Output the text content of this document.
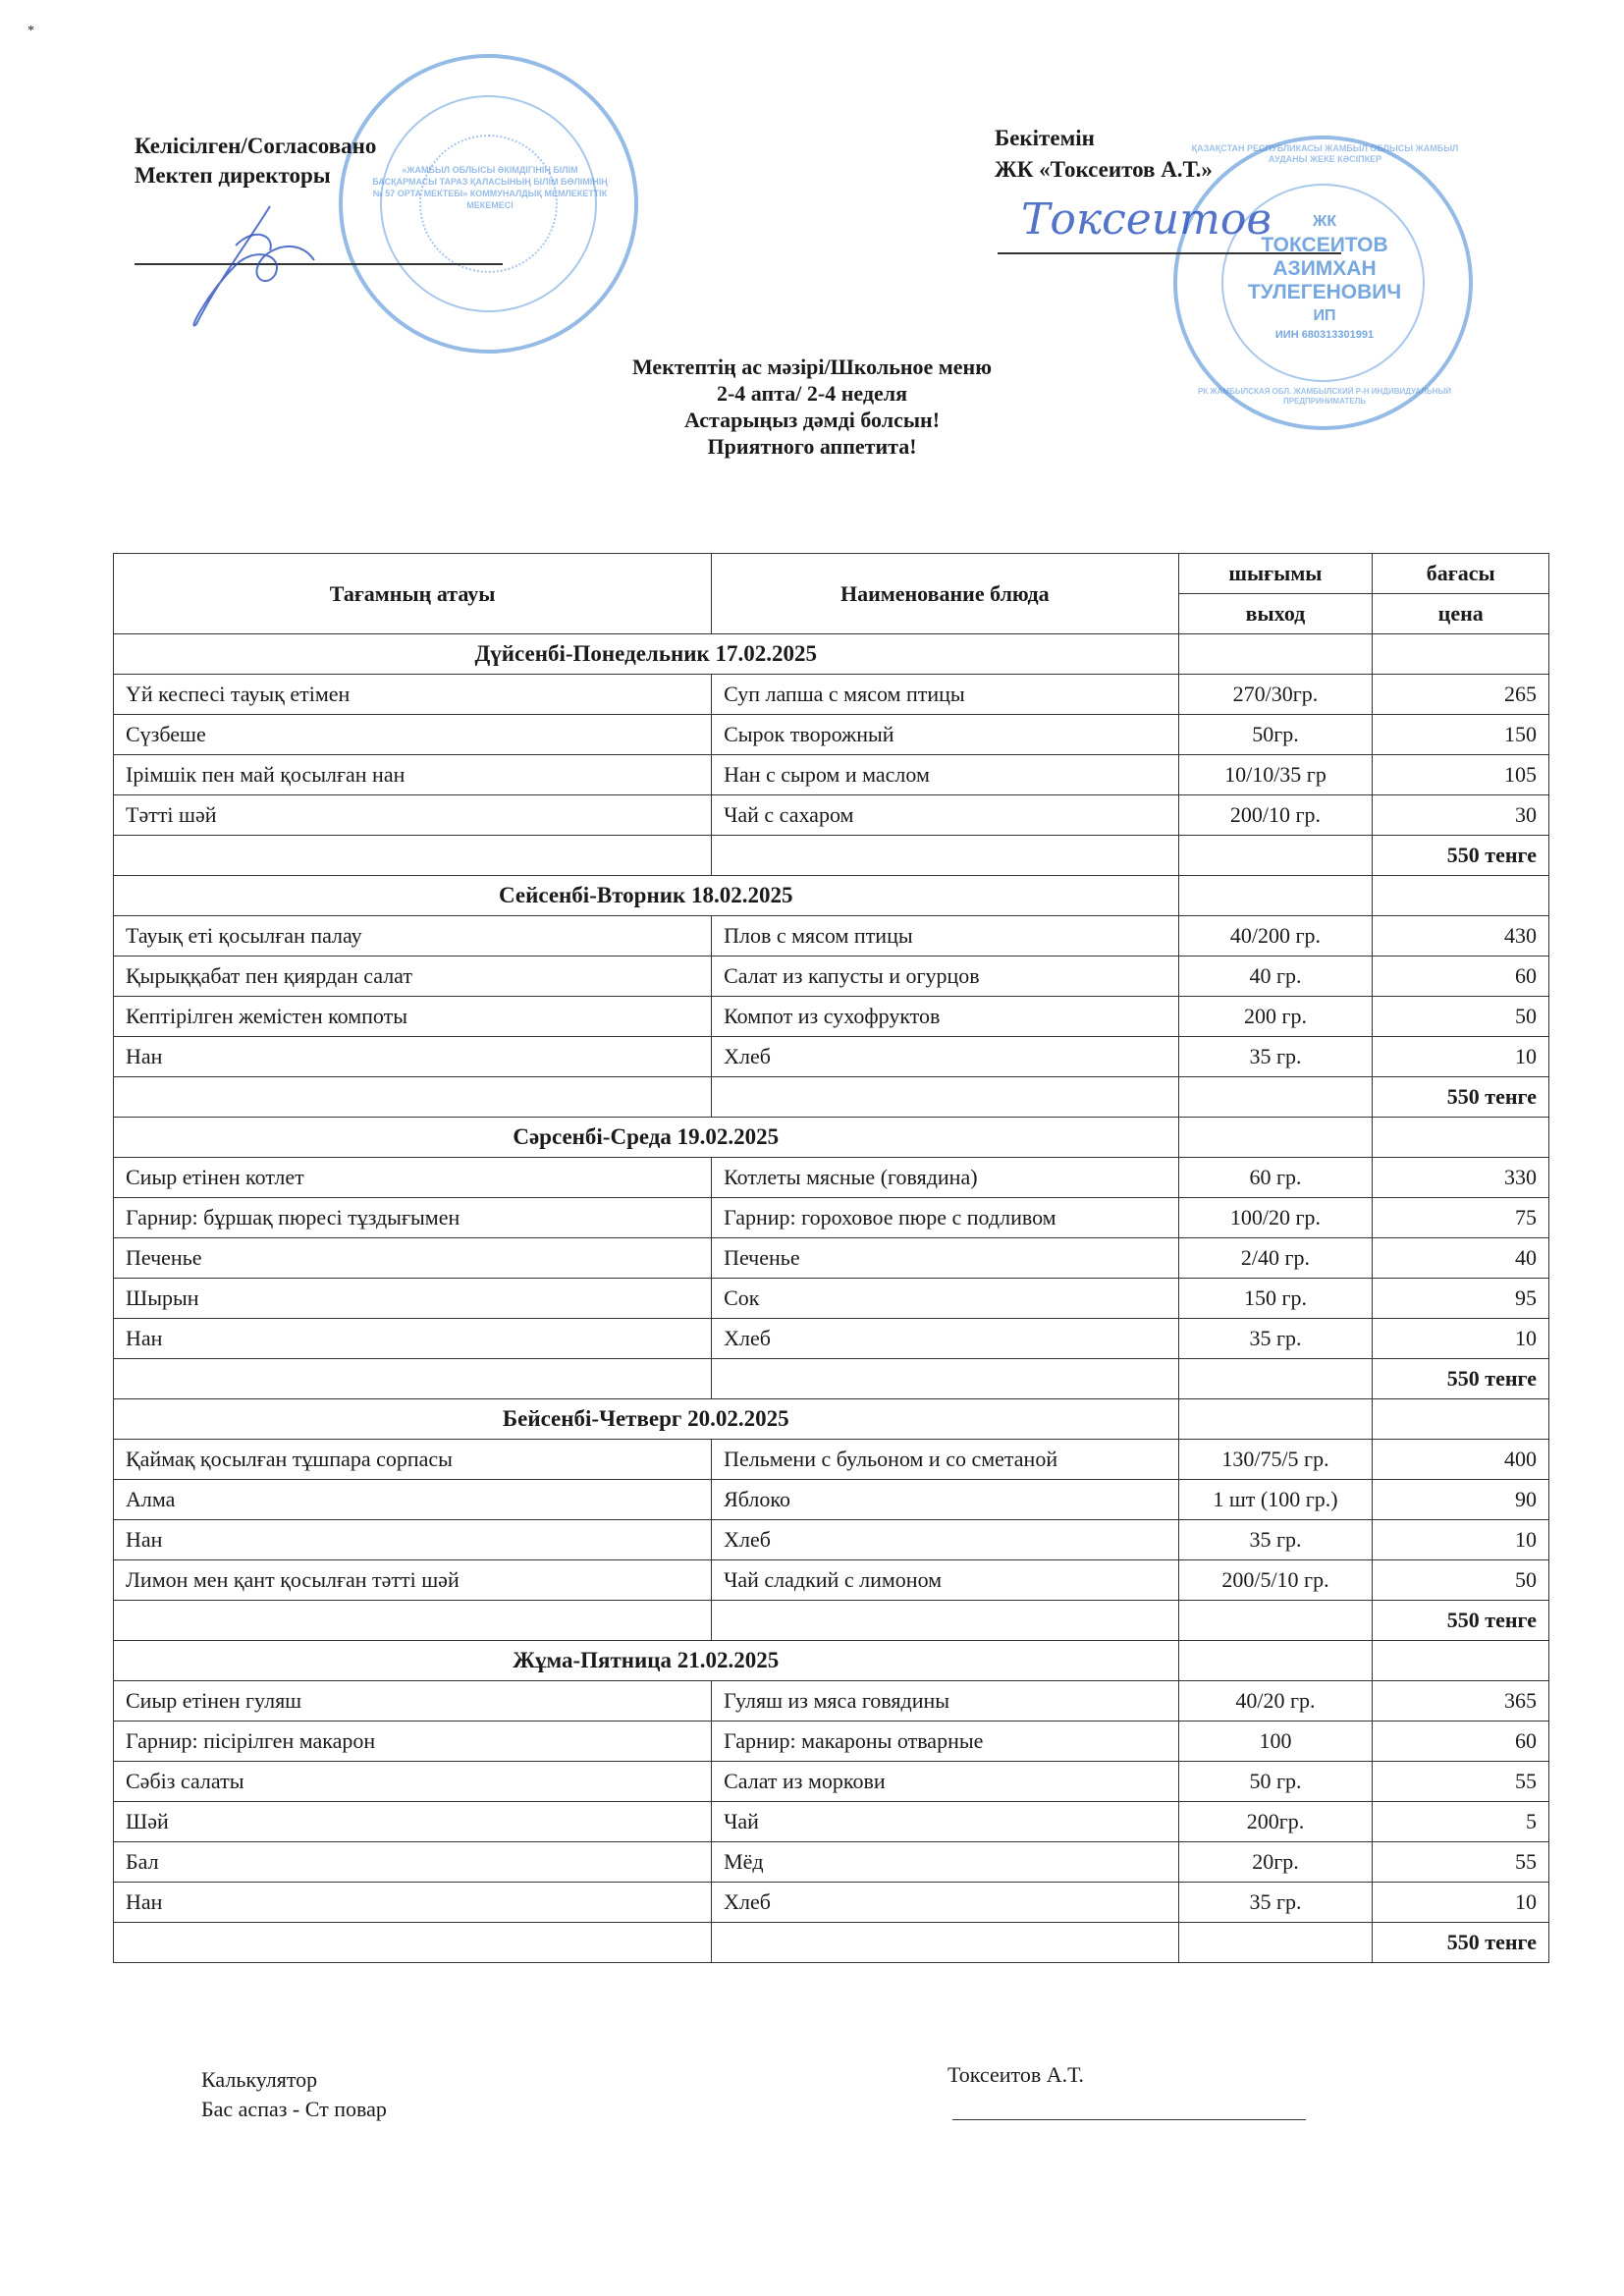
*
«ЖАМБЫЛ ОБЛЫСЫ ӘКІМДІГІНІҢ БІЛІМ БАСҚАРМАСЫ ТАРАЗ ҚАЛАСЫНЫҢ БІЛІМ БӨЛІМІНІҢ № 57 ОРТА МЕКТЕБІ» КОММУНАЛДЫҚ МЕМЛЕКЕТТІК МЕКЕМЕСІ
Келісілген/Согласовано
Мектеп директоры
ЖК
ТОКСЕИТОВ
АЗИМХАН
ТУЛЕГЕНОВИЧ
ИП
ИИН 680313301991
ҚАЗАҚСТАН РЕСПУБЛИКАСЫ ЖАМБЫЛ ОБЛЫСЫ ЖАМБЫЛ АУДАНЫ ЖЕКЕ КӘСІПКЕР
РК ЖАМБЫЛСКАЯ ОБЛ. ЖАМБЫЛСКИЙ Р-Н ИНДИВИДУАЛЬНЫЙ ПРЕДПРИНИМАТЕЛЬ
Бекітемін
ЖК «Токсеитов А.Т.»
Токсеитов
Мектептің ас мәзірі/Школьное меню
2-4 апта/ 2-4 неделя
Астарыңыз дәмді болсын!
Приятного аппетита!
Тағамның атауы	Наименование блюда	шығымы	бағасы
		выход	цена
Дүйсенбі-Понедельник 17.02.2025			
Үй кеспесі тауық етімен	Суп лапша с мясом птицы	270/30гр.	265
Сүзбеше	Сырок творожный	50гр.	150
Ірімшік пен май қосылған нан	Нан с сыром и маслом	10/10/35 гр	105
Тәтті шәй	Чай с сахаром	200/10 гр.	30
			550 тенге
Сейсенбі-Вторник 18.02.2025			
Тауық еті қосылған палау	Плов с мясом птицы	40/200 гр.	430
Қырыққабат пен қиярдан салат	Салат из капусты и огурцов	40 гр.	60
Кептірілген жемістен компоты	Компот из сухофруктов	200 гр.	50
Нан	Хлеб	35 гр.	10
			550 тенге
Сәрсенбі-Среда 19.02.2025			
Сиыр етінен котлет	Котлеты мясные (говядина)	60 гр.	330
Гарнир: бұршақ пюресі тұздығымен	Гарнир: гороховое пюре с подливом	100/20 гр.	75
Печенье	Печенье	2/40 гр.	40
Шырын	Сок	150 гр.	95
Нан	Хлеб	35 гр.	10
			550 тенге
Бейсенбі-Четверг 20.02.2025			
Қаймақ қосылған тұшпара сорпасы	Пельмени с бульоном и со сметаной	130/75/5 гр.	400
Алма	Яблоко	1 шт (100 гр.)	90
Нан	Хлеб	35 гр.	10
Лимон мен қант қосылған тәтті шәй	Чай сладкий с лимоном	200/5/10 гр.	50
			550 тенге
Жұма-Пятница 21.02.2025			
Сиыр етінен гуляш	Гуляш из мяса говядины	40/20 гр.	365
Гарнир: пісірілген макарон	Гарнир: макароны отварные	100	60
Сәбіз салаты	Салат из моркови	50 гр.	55
Шәй	Чай	200гр.	5
Бал	Мёд	20гр.	55
Нан	Хлеб	35 гр.	10
			550 тенге
Калькулятор
Бас аспаз - Ст повар
Токсеитов А.Т.
